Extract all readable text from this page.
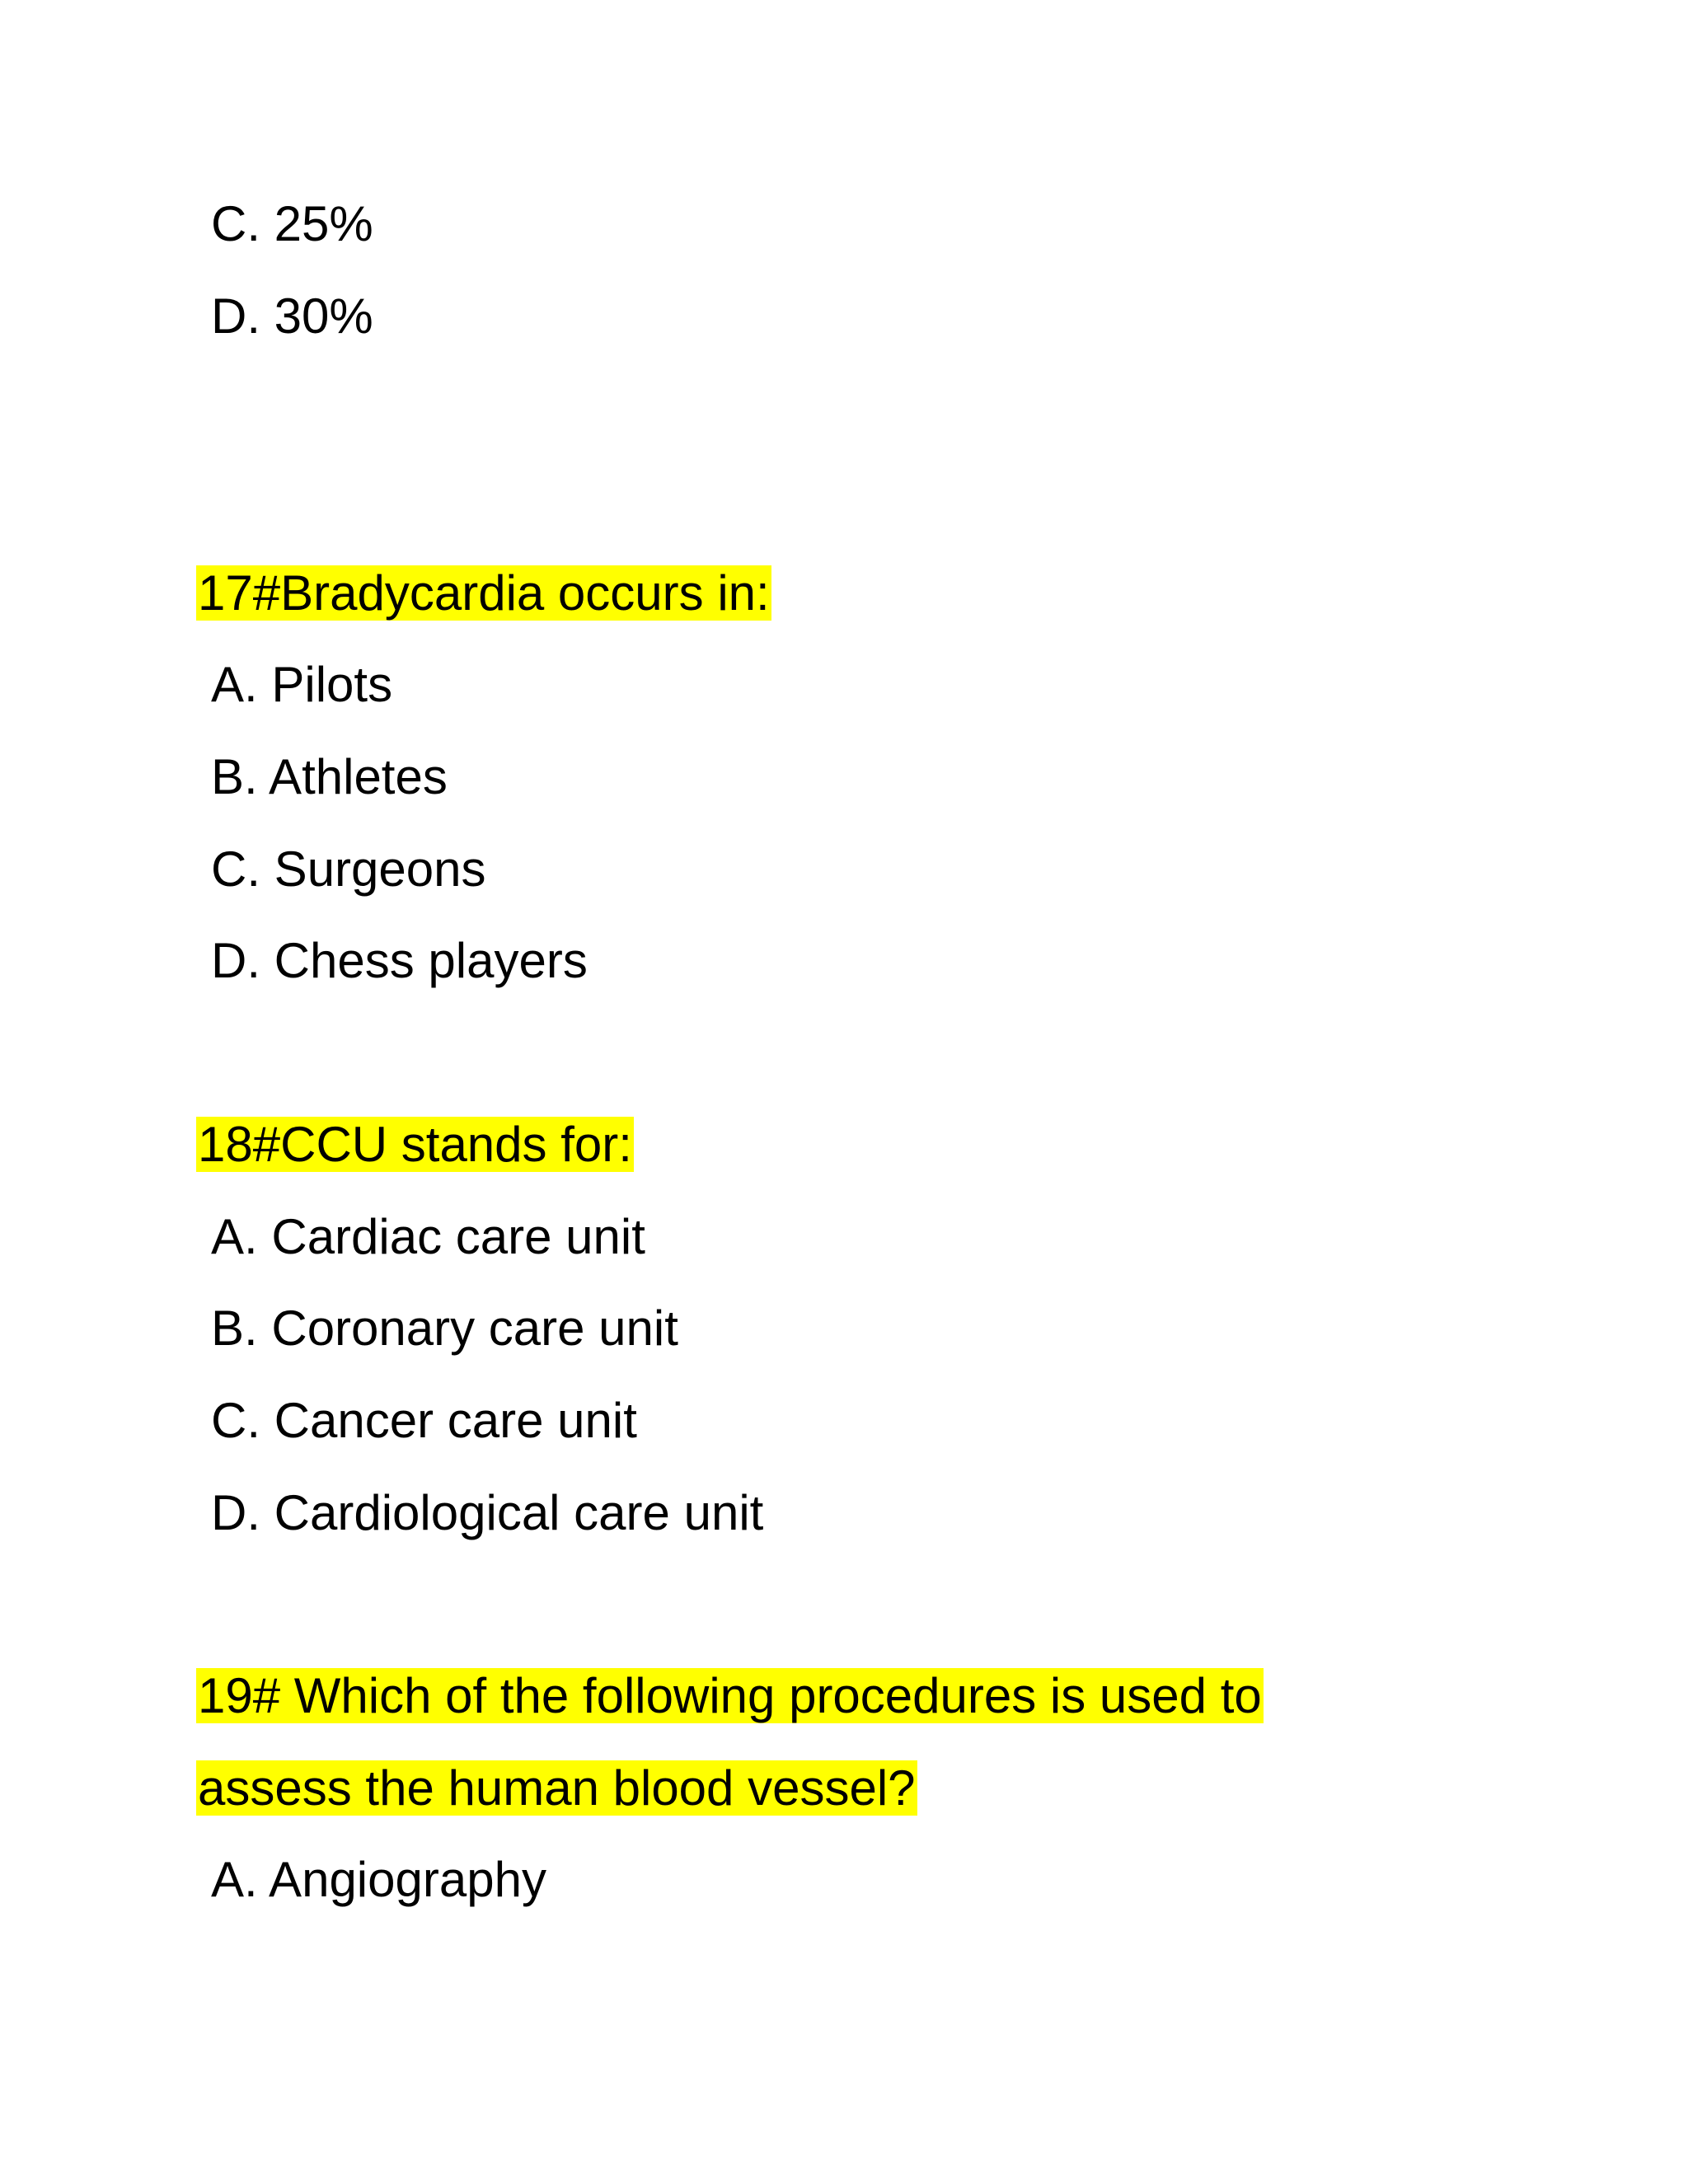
C. 25%
D. 30%
17#Bradycardia occurs in:
A. Pilots
B. Athletes
C. Surgeons
D. Chess players
18#CCU stands for:
A. Cardiac care unit
B. Coronary care unit
C. Cancer care unit
D. Cardiological care unit
19# Which of the following procedures is used to
assess the human blood vessel?
A. Angiography
